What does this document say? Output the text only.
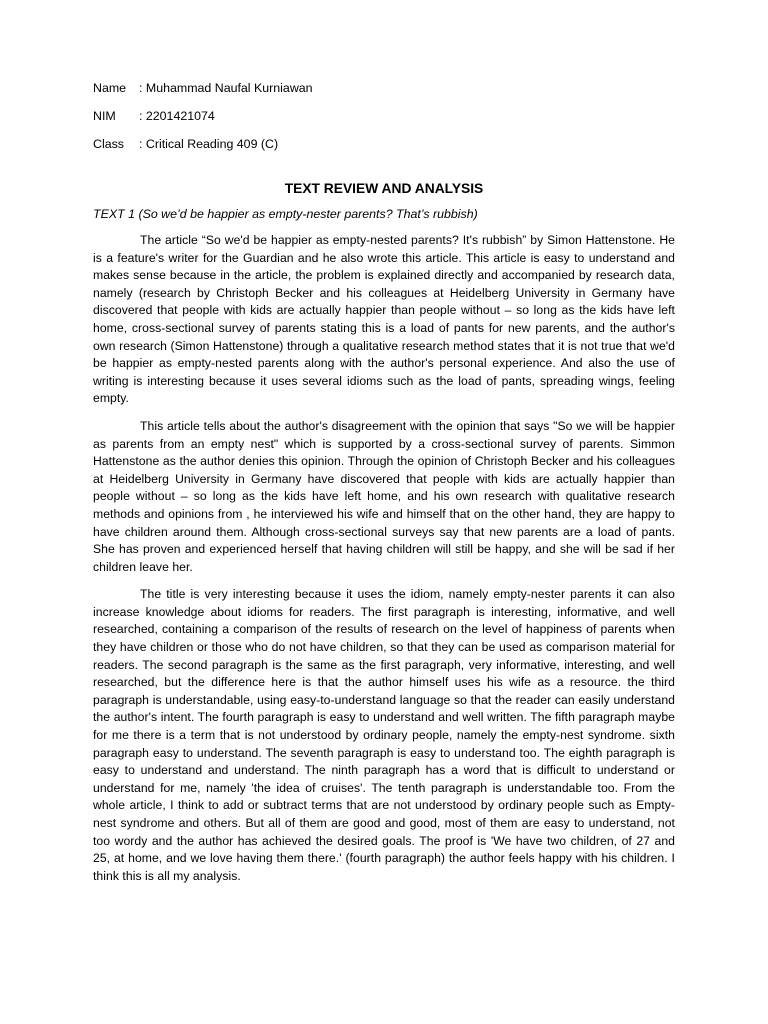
Name	: Muhammad Naufal Kurniawan
NIM	: 2201421074
Class	: Critical Reading 409 (C)
TEXT REVIEW AND ANALYSIS
TEXT 1 (So we’d be happier as empty-nester parents? That’s rubbish)

The article “So we'd be happier as empty-nested parents? It's rubbish” by Simon Hattenstone. He is a feature's writer for the Guardian and he also wrote this article. This article is easy to understand and makes sense because in the article, the problem is explained directly and accompanied by research data, namely (research by Christoph Becker and his colleagues at Heidelberg University in Germany have discovered that people with kids are actually happier than people without – so long as the kids have left home, cross-sectional survey of parents stating this is a load of pants for new parents, and the author's own research (Simon Hattenstone) through a qualitative research method states that it is not true that we'd be happier as empty-nested parents along with the author's personal experience. And also the use of writing is interesting because it uses several idioms such as the load of pants, spreading wings, feeling empty.

This article tells about the author's disagreement with the opinion that says "So we will be happier as parents from an empty nest" which is supported by a cross-sectional survey of parents. Simmon Hattenstone as the author denies this opinion. Through the opinion of Christoph Becker and his colleagues at Heidelberg University in Germany have discovered that people with kids are actually happier than people without – so long as the kids have left home, and his own research with qualitative research methods and opinions from , he interviewed his wife and himself that on the other hand, they are happy to have children around them. Although cross-sectional surveys say that new parents are a load of pants. She has proven and experienced herself that having children will still be happy, and she will be sad if her children leave her.

The title is very interesting because it uses the idiom, namely empty-nester parents it can also increase knowledge about idioms for readers. The first paragraph is interesting, informative, and well researched, containing a comparison of the results of research on the level of happiness of parents when they have children or those who do not have children, so that they can be used as comparison material for readers. The second paragraph is the same as the first paragraph, very informative, interesting, and well researched, but the difference here is that the author himself uses his wife as a resource. the third paragraph is understandable, using easy-to-understand language so that the reader can easily understand the author's intent. The fourth paragraph is easy to understand and well written. The fifth paragraph maybe for me there is a term that is not understood by ordinary people, namely the empty-nest syndrome. sixth paragraph easy to understand. The seventh paragraph is easy to understand too. The eighth paragraph is easy to understand and understand. The ninth paragraph has a word that is difficult to understand or understand for me, namely 'the idea of cruises'. The tenth paragraph is understandable too. From the whole article, I think to add or subtract terms that are not understood by ordinary people such as Empty-nest syndrome and others. But all of them are good and good, most of them are easy to understand, not too wordy and the author has achieved the desired goals. The proof is 'We have two children, of 27 and 25, at home, and we love having them there.' (fourth paragraph) the author feels happy with his children. I think this is all my analysis.
